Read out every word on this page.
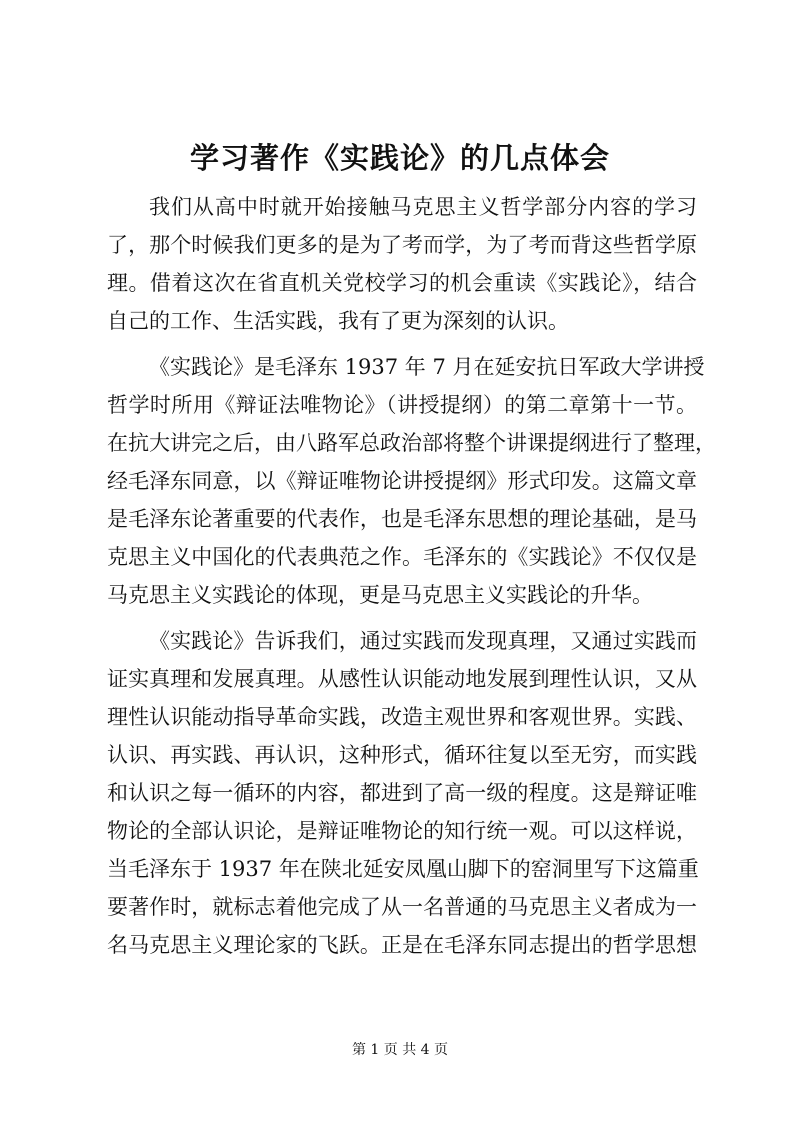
学习著作《实践论》的几点体会
我们从高中时就开始接触马克思主义哲学部分内容的学习
了，那个时候我们更多的是为了考而学，为了考而背这些哲学原
理。借着这次在省直机关党校学习的机会重读《实践论》，结合
自己的工作、生活实践，我有了更为深刻的认识。
《实践论》是毛泽东 1937 年 7 月在延安抗日军政大学讲授
哲学时所用《辩证法唯物论》（讲授提纲）的第二章第十一节。
在抗大讲完之后，由八路军总政治部将整个讲课提纲进行了整理，
经毛泽东同意，以《辩证唯物论讲授提纲》形式印发。这篇文章
是毛泽东论著重要的代表作，也是毛泽东思想的理论基础，是马
克思主义中国化的代表典范之作。毛泽东的《实践论》不仅仅是
马克思主义实践论的体现，更是马克思主义实践论的升华。
《实践论》告诉我们，通过实践而发现真理，又通过实践而
证实真理和发展真理。从感性认识能动地发展到理性认识，又从
理性认识能动指导革命实践，改造主观世界和客观世界。实践、
认识、再实践、再认识，这种形式，循环往复以至无穷，而实践
和认识之每一循环的内容，都进到了高一级的程度。这是辩证唯
物论的全部认识论，是辩证唯物论的知行统一观。可以这样说，
当毛泽东于 1937 年在陕北延安凤凰山脚下的窑洞里写下这篇重
要著作时，就标志着他完成了从一名普通的马克思主义者成为一
名马克思主义理论家的飞跃。正是在毛泽东同志提出的哲学思想
第 1 页 共 4 页
